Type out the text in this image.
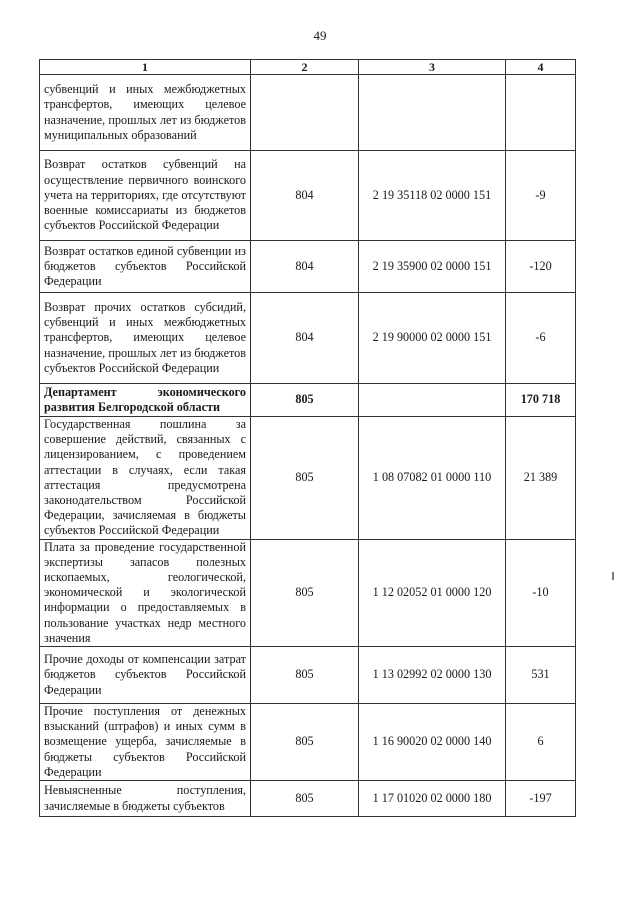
49
1	2	3	4
субвенций и иных межбюджетных трансфертов, имеющих целевое назначение, прошлых лет из бюджетов муниципальных образований			
Возврат остатков субвенций на осуществление первичного воинского учета на территориях, где отсутствуют военные комиссариаты из бюджетов субъектов Российской Федерации	804	2 19 35118 02 0000 151	-9
Возврат остатков единой субвенции из бюджетов субъектов Российской Федерации	804	2 19 35900 02 0000 151	-120
Возврат прочих остатков субсидий, субвенций и иных межбюджетных трансфертов, имеющих целевое назначение, прошлых лет из бюджетов субъектов Российской Федерации	804	2 19 90000 02 0000 151	-6
Департамент экономического развития Белгородской области	805		170 718
Государственная пошлина за совершение действий, связанных с лицензированием, с проведением аттестации в случаях, если такая аттестация предусмотрена законодательством Российской Федерации, зачисляемая в бюджеты субъектов Российской Федерации	805	1 08 07082 01 0000 110	21 389
Плата за проведение государственной экспертизы запасов полезных ископаемых, геологической, экономической и экологической информации о предоставляемых в пользование участках недр местного значения	805	1 12 02052 01 0000 120	-10
Прочие доходы от компенсации затрат бюджетов субъектов Российской Федерации	805	1 13 02992 02 0000 130	531
Прочие поступления от денежных взысканий (штрафов) и иных сумм в возмещение ущерба, зачисляемые в бюджеты субъектов Российской Федерации	805	1 16 90020 02 0000 140	6
Невыясненные поступления, зачисляемые в бюджеты субъектов	805	1 17 01020 02 0000 180	-197
